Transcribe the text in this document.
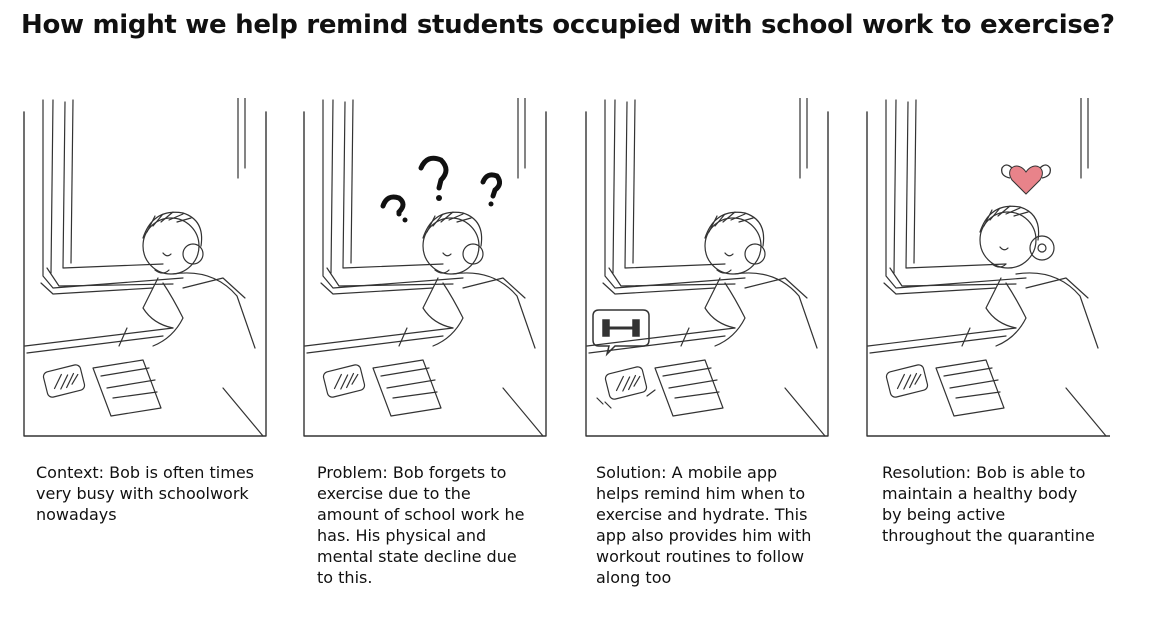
How might we help remind students occupied with school work to exercise?
Context: Bob is often times very busy with schoolwork nowadays
Problem: Bob forgets to exercise due to the amount of school work he has. His physical and mental state decline due to this.
Solution: A mobile app helps remind him when to exercise and hydrate. This app also provides him with workout routines to follow along too
Resolution: Bob is able to maintain a healthy body by being active throughout the quarantine
